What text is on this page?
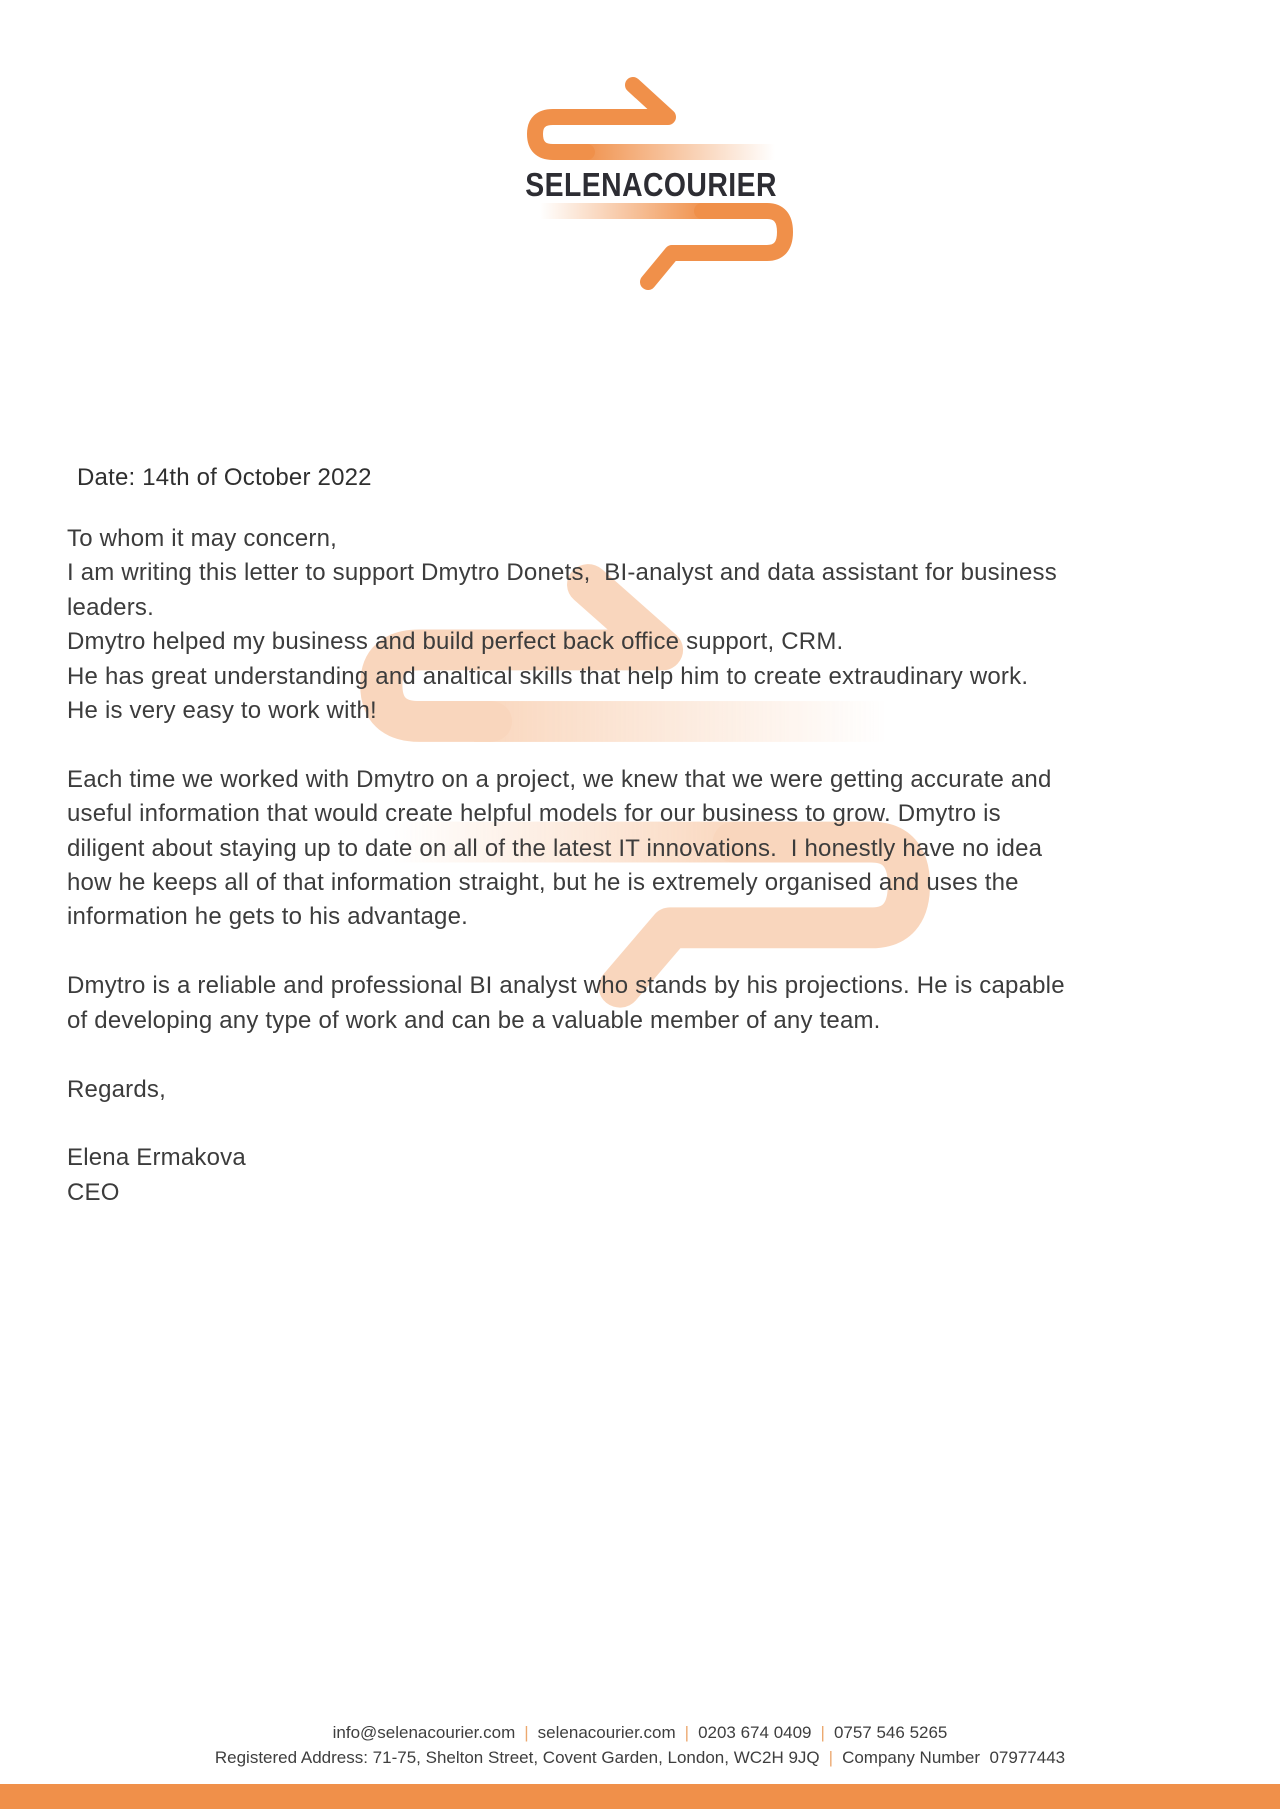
SELENACOURIER
Date: 14th of October 2022
To whom it may concern,
I am writing this letter to support Dmytro Donets,  BI-analyst and data assistant for business
leaders.
Dmytro helped my business and build perfect back office support, CRM.
He has great understanding and analtical skills that help him to create extraudinary work.
He is very easy to work with!

Each time we worked with Dmytro on a project, we knew that we were getting accurate and
useful information that would create helpful models for our business to grow. Dmytro is
diligent about staying up to date on all of the latest IT innovations.  I honestly have no idea
how he keeps all of that information straight, but he is extremely organised and uses the
information he gets to his advantage.

Dmytro is a reliable and professional BI analyst who stands by his projections. He is capable
of developing any type of work and can be a valuable member of any team.

Regards,

Elena Ermakova
CEO
info@selenacourier.com | selenacourier.com | 0203 674 0409 | 0757 546 5265
Registered Address: 71-75, Shelton Street, Covent Garden, London, WC2H 9JQ | Company Number  07977443
